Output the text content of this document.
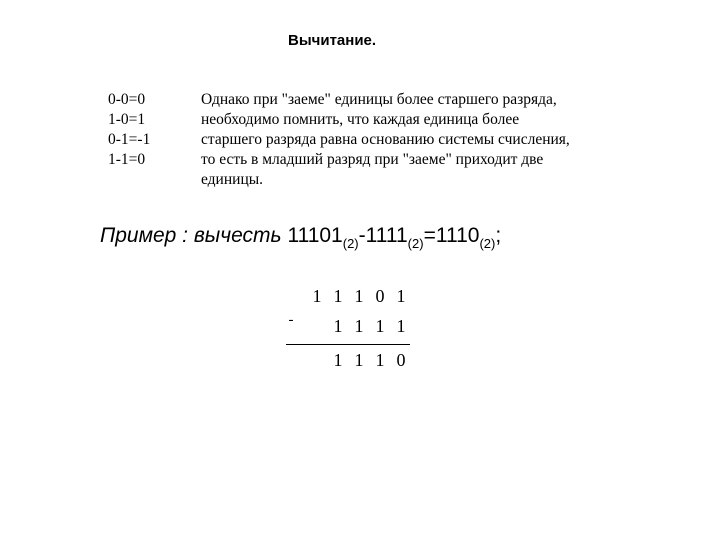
Вычитание.
0-0=0
1-0=1
0-1=-1
1-1=0
Однако при "заеме" единицы более старшего разряда,
необходимо помнить, что каждая единица более
старшего разряда равна основанию системы счисления,
то есть в младший разряд при "заеме" приходит две
единицы.
Пример : вычесть $11101_{(2)}-1111_{(2)}=1110_{(2)}$;
1 1 1 0 1
-	1 1 1 1
1 1 1 0
